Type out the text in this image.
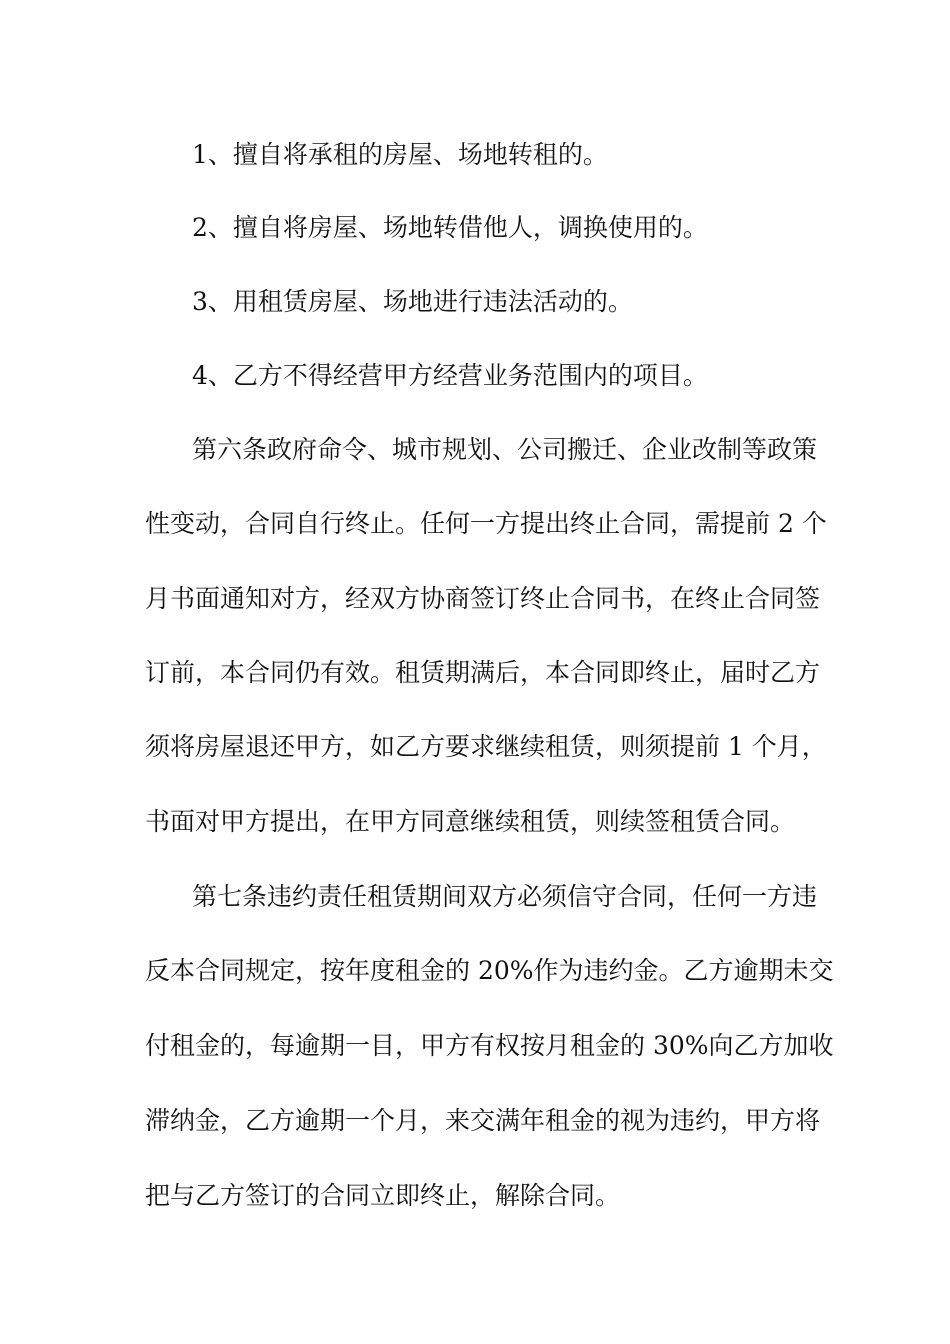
1、擅自将承租的房屋、场地转租的。

2、擅自将房屋、场地转借他人，调换使用的。

3、用租赁房屋、场地进行违法活动的。

4、乙方不得经营甲方经营业务范围内的项目。

第六条政府命令、城市规划、公司搬迁、企业改制等政策

性变动，合同自行终止。任何一方提出终止合同，需提前 2 个

月书面通知对方，经双方协商签订终止合同书，在终止合同签

订前，本合同仍有效。租赁期满后，本合同即终止，届时乙方

须将房屋退还甲方，如乙方要求继续租赁，则须提前 1 个月，

书面对甲方提出，在甲方同意继续租赁，则续签租赁合同。

第七条违约责任租赁期间双方必须信守合同，任何一方违

反本合同规定，按年度租金的 20%作为违约金。乙方逾期未交

付租金的，每逾期一目，甲方有权按月租金的 30%向乙方加收

滞纳金，乙方逾期一个月，来交满年租金的视为违约，甲方将

把与乙方签订的合同立即终止，解除合同。
